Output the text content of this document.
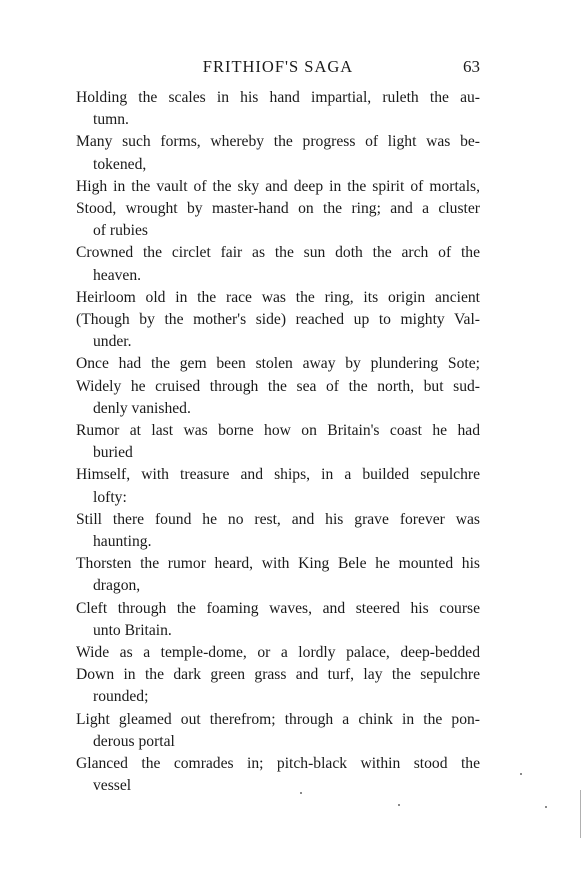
FRITHIOF'S SAGA	63
Holding the scales in his hand impartial, ruleth the au-
tumn.
Many such forms, whereby the progress of light was be-
tokened,
High in the vault of the sky and deep in the spirit of mortals,
Stood, wrought by master-hand on the ring; and a cluster
of rubies
Crowned the circlet fair as the sun doth the arch of the
heaven.
Heirloom old in the race was the ring, its origin ancient
(Though by the mother's side) reached up to mighty Val-
under.
Once had the gem been stolen away by plundering Sote;
Widely he cruised through the sea of the north, but sud-
denly vanished.
Rumor at last was borne how on Britain's coast he had
buried
Himself, with treasure and ships, in a builded sepulchre
lofty:
Still there found he no rest, and his grave forever was
haunting.
Thorsten the rumor heard, with King Bele he mounted his
dragon,
Cleft through the foaming waves, and steered his course
unto Britain.
Wide as a temple-dome, or a lordly palace, deep-bedded
Down in the dark green grass and turf, lay the sepulchre
rounded;
Light gleamed out therefrom; through a chink in the pon-
derous portal
Glanced the comrades in; pitch-black within stood the
vessel
